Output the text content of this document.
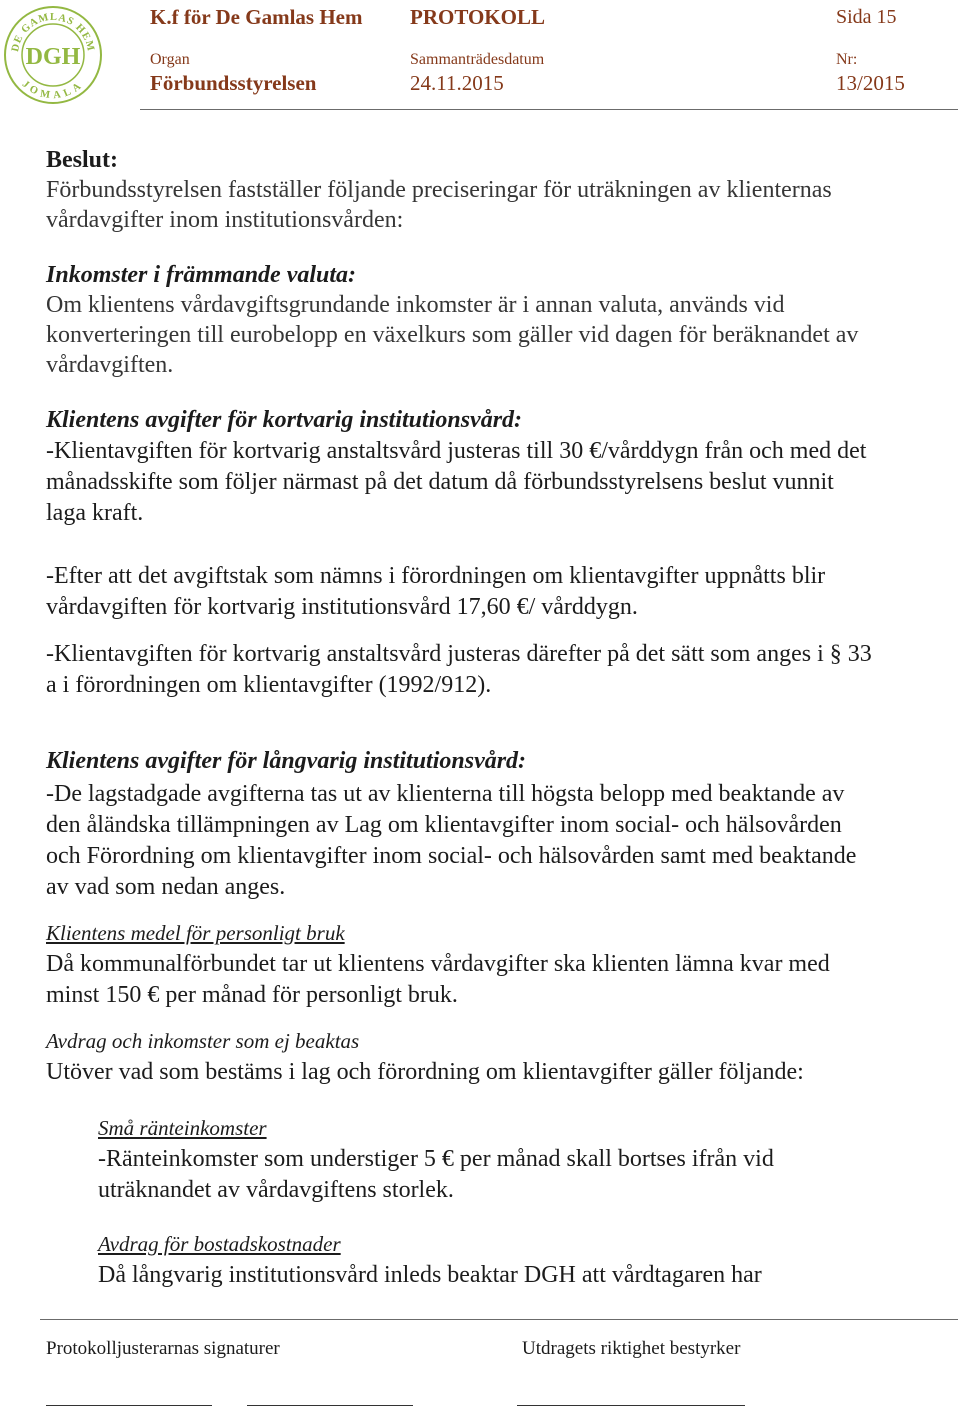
DE GAMLAS HEM
JOMALA
DGH
K.f för De Gamlas Hem PROTOKOLL	Sida 15
Organ	Sammanträdesdatum	Nr:
Förbundsstyrelsen	24.11.2015	13/2015
Beslut:
Förbundsstyrelsen fastställer följande preciseringar för uträkningen av klienternas
vårdavgifter inom institutionsvården:
Inkomster i främmande valuta:
Om klientens vårdavgiftsgrundande inkomster är i annan valuta, används vid
konverteringen till eurobelopp en växelkurs som gäller vid dagen för beräknandet av
vårdavgiften.
Klientens avgifter för kortvarig institutionsvård:
-Klientavgiften för kortvarig anstaltsvård justeras till 30 €/vårddygn från och med det
månadsskifte som följer närmast på det datum då förbundsstyrelsens beslut vunnit
laga kraft.
-Efter att det avgiftstak som nämns i förordningen om klientavgifter uppnåtts blir
vårdavgiften för kortvarig institutionsvård 17,60 €/ vårddygn.
-Klientavgiften för kortvarig anstaltsvård justeras därefter på det sätt som anges i § 33
a i förordningen om klientavgifter (1992/912).
Klientens avgifter för långvarig institutionsvård:
-De lagstadgade avgifterna tas ut av klienterna till högsta belopp med beaktande av
den åländska tillämpningen av Lag om klientavgifter inom social- och hälsovården
och Förordning om klientavgifter inom social- och hälsovården samt med beaktande
av vad som nedan anges.
Klientens medel för personligt bruk
Då kommunalförbundet tar ut klientens vårdavgifter ska klienten lämna kvar med
minst 150 € per månad för personligt bruk.
Avdrag och inkomster som ej beaktas
Utöver vad som bestäms i lag och förordning om klientavgifter gäller följande:
Små ränteinkomster
-Ränteinkomster som understiger 5 € per månad skall bortses ifrån vid
uträknandet av vårdavgiftens storlek.
Avdrag för bostadskostnader
Då långvarig institutionsvård inleds beaktar DGH att vårdtagaren har
Protokolljusterarnas signaturer	Utdragets riktighet bestyrker
